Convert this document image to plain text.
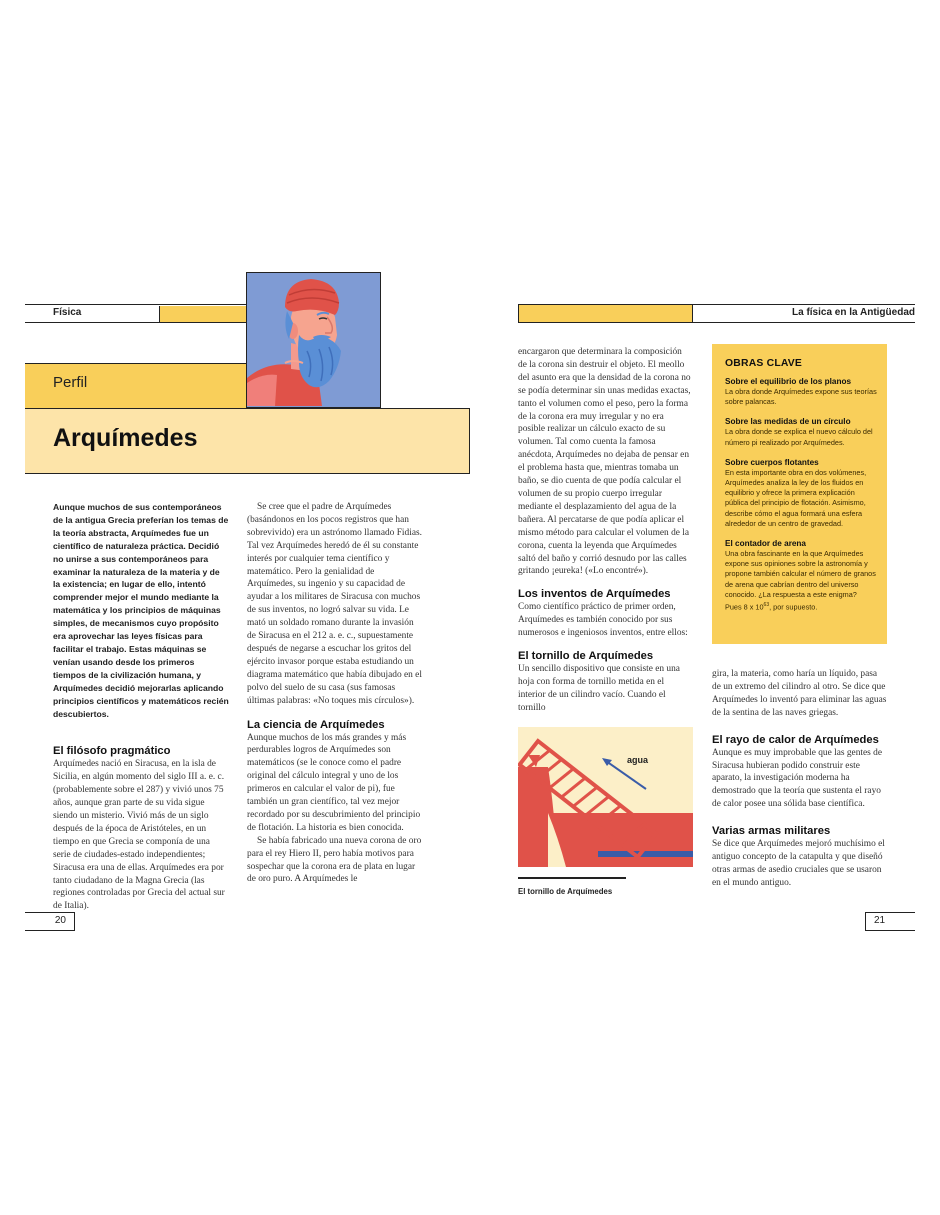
Física
Perfil
Arquímedes

Aunque muchos de sus contemporáneos de la antigua Grecia preferían los temas de la teoría abstracta, Arquímedes fue un científico de naturaleza práctica. Decidió no unirse a sus contemporáneos para examinar la naturaleza de la materia y de la existencia; en lugar de ello, intentó comprender mejor el mundo mediante la matemática y los principios de máquinas simples, de mecanismos cuyo propósito era aprovechar las leyes físicas para facilitar el trabajo. Estas máquinas se venían usando desde los primeros tiempos de la civilización humana, y Arquímedes decidió mejorarlas aplicando principios científicos y matemáticos recién descubiertos.

El filósofo pragmático

Arquímedes nació en Siracusa, en la isla de Sicilia, en algún momento del siglo III a. e. c. (probablemente sobre el 287) y vivió unos 75 años, aunque gran parte de su vida sigue siendo un misterio. Vivió más de un siglo después de la época de Aristóteles, en un tiempo en que Grecia se componía de una serie de ciudades-estado independientes; Siracusa era una de ellas. Arquímedes era por tanto ciudadano de la Magna Grecia (las regiones controladas por Grecia del actual sur de Italia).

Se cree que el padre de Arquímedes (basándonos en los pocos registros que han sobrevivido) era un astrónomo llamado Fidias. Tal vez Arquímedes heredó de él su constante interés por cualquier tema científico y matemático. Pero la genialidad de Arquímedes, su ingenio y su capacidad de ayudar a los militares de Siracusa con muchos de sus inventos, no logró salvar su vida. Le mató un soldado romano durante la invasión de Siracusa en el 212 a. e. c., supuestamente después de negarse a escuchar los gritos del ejército invasor porque estaba estudiando un diagrama matemático que había dibujado en el polvo del suelo de su casa (sus famosas últimas palabras: «No toques mis círculos»).

La ciencia de Arquímedes

Aunque muchos de los más grandes y más perdurables logros de Arquímedes son matemáticos (se le conoce como el padre original del cálculo integral y uno de los primeros en calcular el valor de pi), fue también un gran científico, tal vez mejor recordado por su descubrimiento del principio de flotación. La historia es bien conocida.

Se había fabricado una nueva corona de oro para el rey Hiero II, pero había motivos para sospechar que la corona era de plata en lugar de oro puro. A Arquímedes le

20
La física en la Antigüedad

encargaron que determinara la composición de la corona sin destruir el objeto. El meollo del asunto era que la densidad de la corona no se podía determinar sin unas medidas exactas, tanto el volumen como el peso, pero la forma de la corona era muy irregular y no era posible realizar un cálculo exacto de su volumen. Tal como cuenta la famosa anécdota, Arquímedes no dejaba de pensar en el problema hasta que, mientras tomaba un baño, se dio cuenta de que podía calcular el volumen de su propio cuerpo irregular mediante el desplazamiento del agua de la bañera. Al percatarse de que podía aplicar el mismo método para calcular el volumen de la corona, cuenta la leyenda que Arquímedes saltó del baño y corrió desnudo por las calles gritando ¡eureka! («Lo encontré»).

Los inventos de Arquímedes

Como científico práctico de primer orden, Arquímedes es también conocido por sus numerosos e ingeniosos inventos, entre ellos:

El tornillo de Arquímedes

Un sencillo dispositivo que consiste en una hoja con forma de tornillo metida en el interior de un cilindro vacío. Cuando el tornillo

agua
El tornillo de Arquímedes

gira, la materia, como haría un líquido, pasa de un extremo del cilindro al otro. Se dice que Arquímedes lo inventó para eliminar las aguas de la sentina de las naves griegas.

El rayo de calor de Arquímedes

Aunque es muy improbable que las gentes de Siracusa hubieran podido construir este aparato, la investigación moderna ha demostrado que la teoría que sustenta el rayo de calor posee una sólida base científica.

Varias armas militares

Se dice que Arquímedes mejoró muchísimo el antiguo concepto de la catapulta y que diseñó otras armas de asedio cruciales que se usaron en el mundo antiguo.

OBRAS CLAVE

Sobre el equilibrio de los planos

La obra donde Arquímedes expone sus teorías sobre palancas.

Sobre las medidas de un círculo

La obra donde se explica el nuevo cálculo del número pi realizado por Arquímedes.

Sobre cuerpos flotantes

En esta importante obra en dos volúmenes, Arquímedes analiza la ley de los fluidos en equilibrio y ofrece la primera explicación pública del principio de flotación. Asimismo, describe cómo el agua formará una esfera alrededor de un centro de gravedad.

El contador de arena

Una obra fascinante en la que Arquímedes expone sus opiniones sobre la astronomía y propone también calcular el número de granos de arena que cabrían dentro del universo conocido. ¿La respuesta a este enigma?

Pues 8 x $10^{63}$, por supuesto.

21
